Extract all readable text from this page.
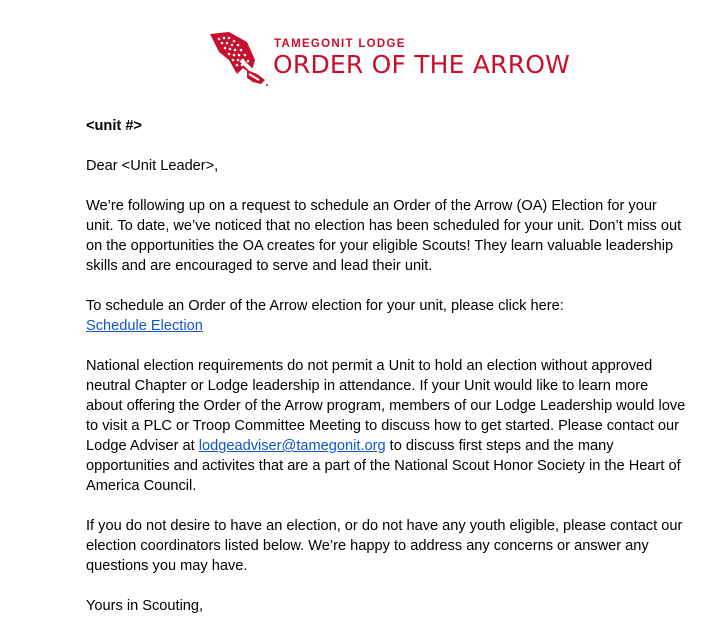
TAMEGONIT LODGE
ORDER OF THE ARROW

<unit #>

Dear <Unit Leader>,

We’re following up on a request to schedule an Order of the Arrow (OA) Election for your unit. To date, we’ve noticed that no election has been scheduled for your unit. Don’t miss out on the opportunities the OA creates for your eligible Scouts! They learn valuable leadership skills and are encouraged to serve and lead their unit.

To schedule an Order of the Arrow election for your unit, please click here:
Schedule Election

National election requirements do not permit a Unit to hold an election without approved neutral Chapter or Lodge leadership in attendance. If your Unit would like to learn more about offering the Order of the Arrow program, members of our Lodge Leadership would love to visit a PLC or Troop Committee Meeting to discuss how to get started. Please contact our Lodge Adviser at lodgeadviser@tamegonit.org to discuss first steps and the many opportunities and activites that are a part of the National Scout Honor Society in the Heart of America Council.

If you do not desire to have an election, or do not have any youth eligible, please contact our election coordinators listed below. We’re happy to address any concerns or answer any questions you may have.

Yours in Scouting,
